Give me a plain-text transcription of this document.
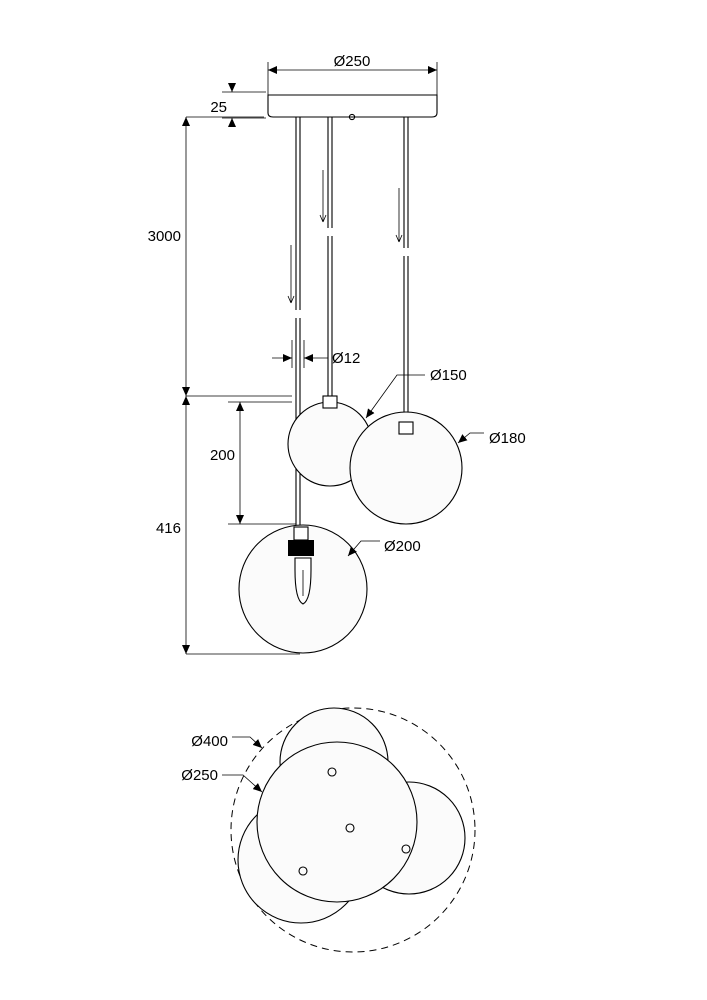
Ø250
25
3000
416
200
Ø12
Ø150
Ø180
Ø200
Ø400
Ø250
